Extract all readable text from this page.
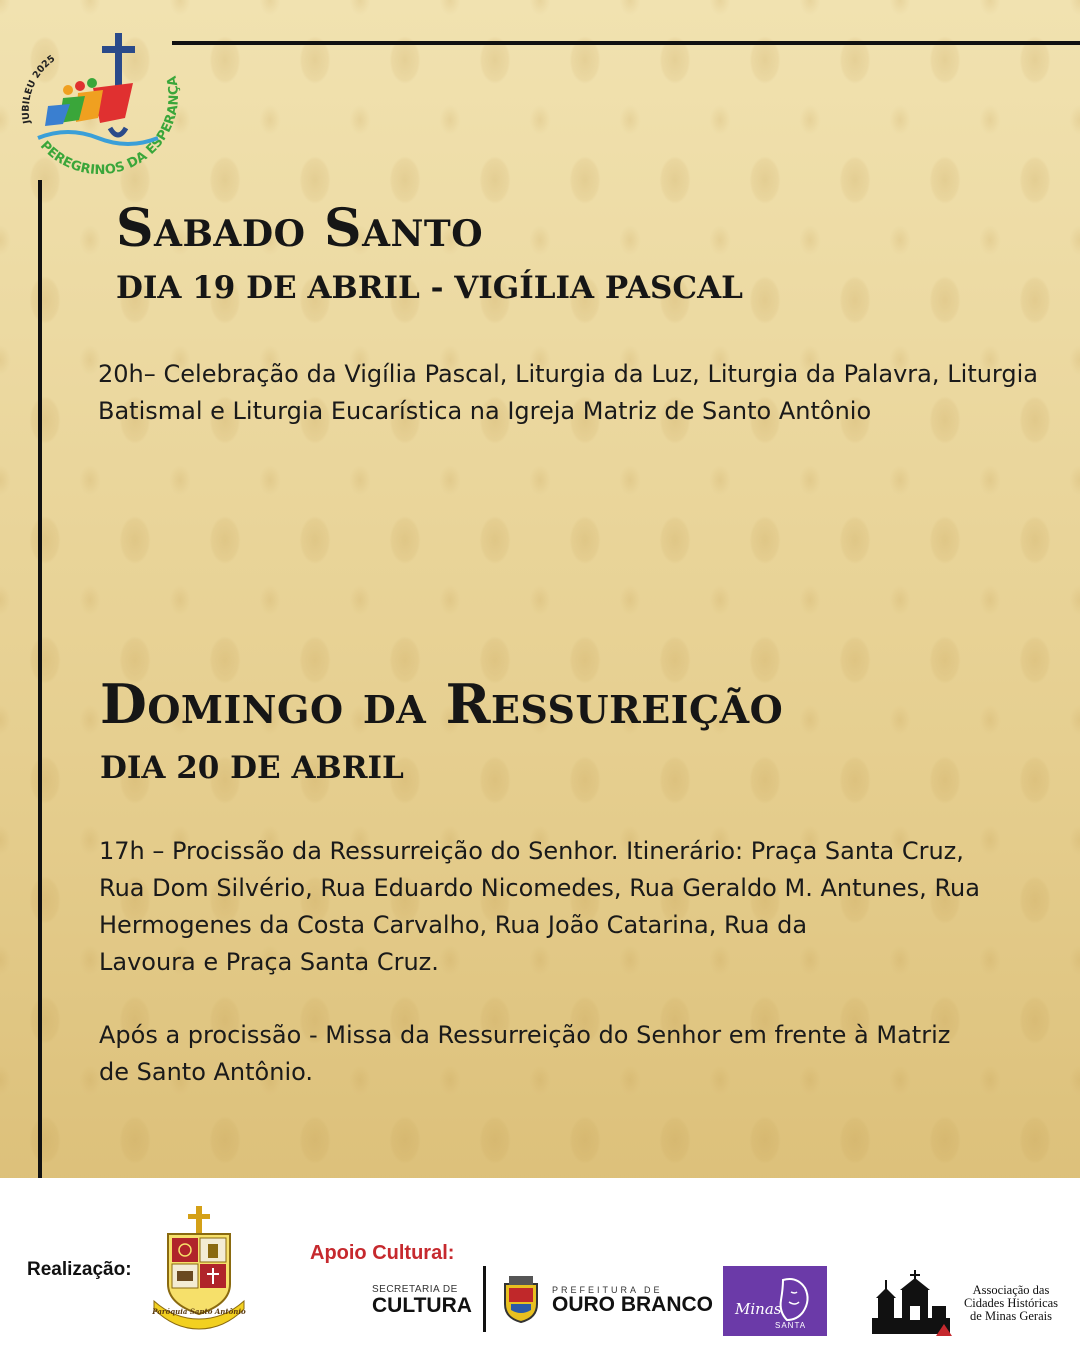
JUBILEU 2025
PEREGRINOS DA ESPERANÇA
Sabado Santo
DIA 19 DE ABRIL - VIGÍLIA PASCAL

20h– Celebração da Vigília Pascal, Liturgia da Luz, Liturgia da Palavra, Liturgia Batismal e Liturgia Eucarística na Igreja Matriz de Santo Antônio

Domingo da Ressureição
DIA 20 DE ABRIL

17h – Procissão da Ressurreição do Senhor. Itinerário: Praça Santa Cruz,
Rua Dom Silvério, Rua Eduardo Nicomedes, Rua Geraldo M. Antunes, Rua
Hermogenes da Costa Carvalho, Rua João Catarina, Rua da
Lavoura e Praça Santa Cruz.

Após a procissão - Missa da Ressurreição do Senhor em frente à Matriz
de Santo Antônio.

Realização:
Paróquia Santo Antônio
Apoio Cultural:
SECRETARIA DE
CULTURA
PREFEITURA DE
OURO BRANCO Minas
SANTA
Associação das
Cidades Históricas
de Minas Gerais
